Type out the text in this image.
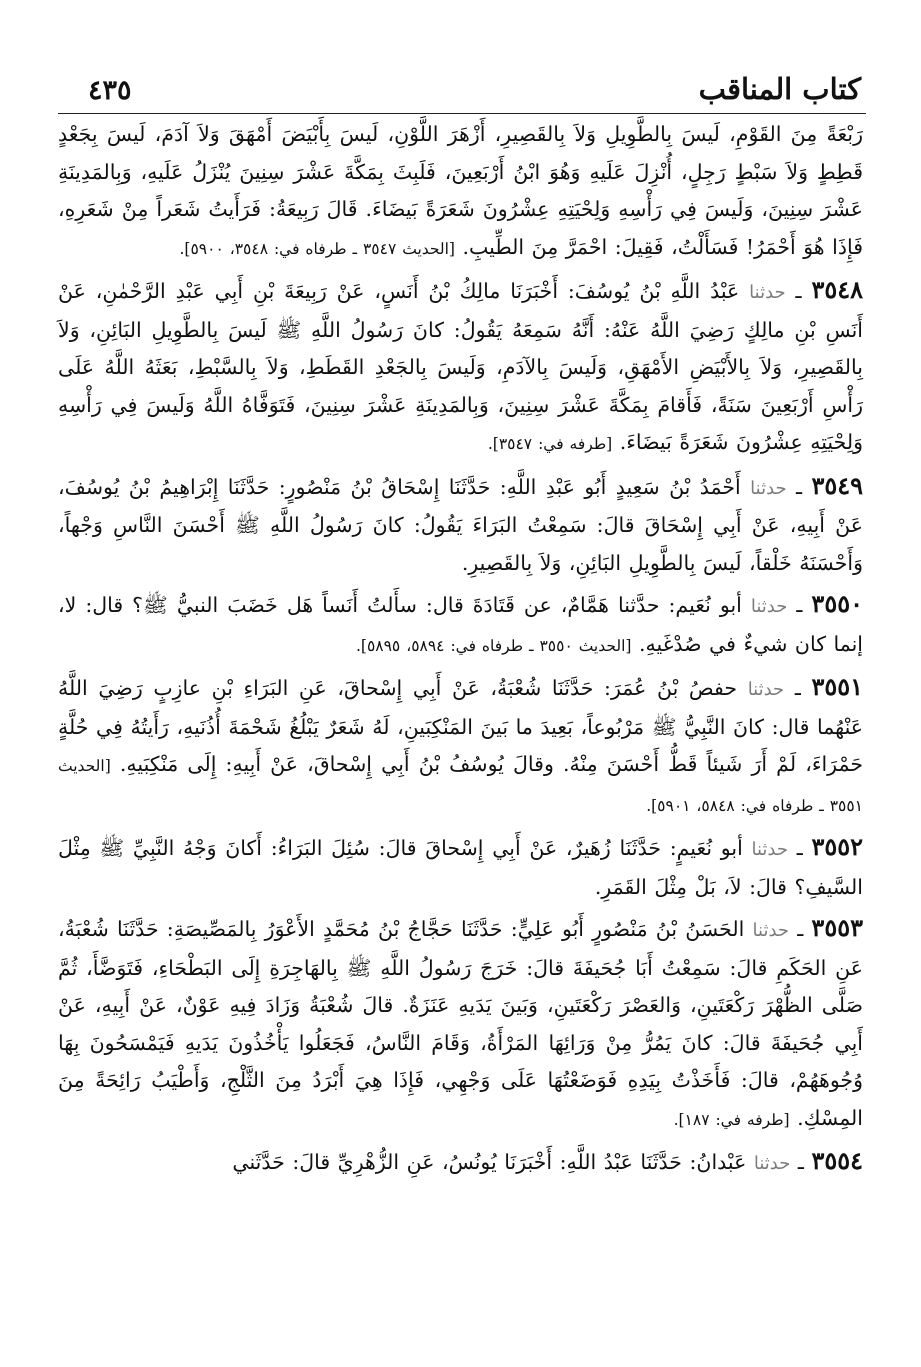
كتاب المناقب
٤٣٥

رَبْعَةً مِنَ القَوْمِ، لَيسَ بِالطَّوِيلِ وَلاَ بِالقَصِيرِ، أَزْهَرَ اللَّوْنِ، لَيسَ بِأَبْيَضَ أَمْهَقَ وَلاَ آدَمَ، لَيسَ بِجَعْدٍ قَطِطٍ وَلاَ سَبْطٍ رَجِلٍ، أُنْزِلَ عَلَيهِ وَهُوَ ابْنُ أَرْبَعِينَ، فَلَبِثَ بِمَكَّةَ عَشْرَ سِنِينَ يُنْزَلُ عَلَيهِ، وَبِالمَدِينَةِ عَشْرَ سِنِينَ، وَلَيسَ فِي رَأْسِهِ وَلِحْيَتِهِ عِشْرُونَ شَعَرَةً بَيضَاءَ. قَالَ رَبِيعَةُ: فَرَأَيتُ شَعَراً مِنْ شَعَرِهِ، فَإِذَا هُوَ أَحْمَرُ! فَسَأَلْتُ، فَقِيلَ: احْمَرَّ مِنَ الطِّيبِ. [الحديث ٣٥٤٧ ـ طرفاه في: ٣٥٤٨، ٥٩٠٠].

٣٥٤٨ ـ حدثنا عَبْدُ اللَّهِ بْنُ يُوسُفَ: أَخْبَرَنَا مالِكُ بْنُ أَنَسٍ، عَنْ رَبِيعَةَ بْنِ أَبِي عَبْدِ الرَّحْمٰنِ، عَنْ أَنَسِ بْنِ مالِكٍ رَضِيَ اللَّهُ عَنْهُ: أَنَّهُ سَمِعَهُ يَقُولُ: كانَ رَسُولُ اللَّهِ ﷺ لَيسَ بِالطَّوِيلِ البَائِنِ، وَلاَ بِالقَصِيرِ، وَلاَ بِالأَبْيَضِ الأَمْهَقِ، وَلَيسَ بِالآدَمِ، وَلَيسَ بِالجَعْدِ القَطَطِ، وَلاَ بِالسَّبْطِ، بَعَثَهُ اللَّهُ عَلَى رَأْسِ أَرْبَعِينَ سَنَةً، فَأَقامَ بِمَكَّةَ عَشْرَ سِنِينَ، وَبِالمَدِينَةِ عَشْرَ سِنِينَ، فَتَوَفَّاهُ اللَّهُ وَلَيسَ فِي رَأْسِهِ وَلِحْيَتِهِ عِشْرُونَ شَعَرَةً بَيضَاءَ. [طرفه في: ٣٥٤٧].

٣٥٤٩ ـ حدثنا أَحْمَدُ بْنُ سَعِيدٍ أَبُو عَبْدِ اللَّهِ: حَدَّثَنَا إِسْحَاقُ بْنُ مَنْصُورٍ: حَدَّثَنَا إِبْرَاهِيمُ بْنُ يُوسُفَ، عَنْ أَبِيهِ، عَنْ أَبِي إِسْحَاقَ قالَ: سَمِعْتُ البَرَاءَ يَقُولُ: كانَ رَسُولُ اللَّهِ ﷺ أَحْسَنَ النَّاسِ وَجْهاً، وَأَحْسَنَهُ خَلْقاً، لَيسَ بِالطَّوِيلِ البَائِنِ، وَلاَ بِالقَصِيرِ.

٣٥٥٠ ـ حدثنا أبو نُعَيم: حدَّثنا هَمَّامٌ، عن قَتَادَةَ قال: سأَلتُ أَنَساً هَل خَضَبَ النبيُّ ﷺ؟ قال: لا، إنما كان شيءٌ في صُدْغَيهِ. [الحديث ٣٥٥٠ ـ طرفاه في: ٥٨٩٤، ٥٨٩٥].

٣٥٥١ ـ حدثنا حفصُ بْنُ عُمَرَ: حَدَّثَنَا شُعْبَةُ، عَنْ أَبِي إِسْحاقَ، عَنِ البَرَاءِ بْنِ عازِبٍ رَضِيَ اللَّهُ عَنْهُما قال: كانَ النَّبِيُّ ﷺ مَرْبُوعاً، بَعِيدَ ما بَينَ المَنْكِبَينِ، لَهُ شَعَرٌ يَبْلُغُ شَحْمَةَ أُذُنَيهِ، رَأَيتُهُ فِي حُلَّةٍ حَمْرَاءَ، لَمْ أَرَ شَيئاً قَطُّ أَحْسَنَ مِنْهُ. وقالَ يُوسُفُ بْنُ أَبِي إِسْحاقَ، عَنْ أَبِيهِ: إِلَى مَنْكِبَيهِ. [الحديث ٣٥٥١ ـ طرفاه في: ٥٨٤٨، ٥٩٠١].

٣٥٥٢ ـ حدثنا أبو نُعَيمٍ: حَدَّثَنَا زُهَيرٌ، عَنْ أَبِي إِسْحاقَ قالَ: سُئِلَ البَرَاءُ: أَكانَ وَجْهُ النَّبِيِّ ﷺ مِثْلَ السَّيفِ؟ قالَ: لاَ، بَلْ مِثْلَ القَمَرِ.

٣٥٥٣ ـ حدثنا الحَسَنُ بْنُ مَنْصُورٍ أَبُو عَلِيٍّ: حَدَّثَنَا حَجَّاجُ بْنُ مُحَمَّدٍ الأَعْوَرُ بِالمَصِّيصَةِ: حَدَّثَنَا شُعْبَةُ، عَنِ الحَكَمِ قالَ: سَمِعْتُ أَبَا جُحَيفَةَ قالَ: خَرَجَ رَسُولُ اللَّهِ ﷺ بِالهَاجِرَةِ إِلَى البَطْحَاءِ، فَتَوَضَّأَ، ثُمَّ صَلَّى الظُّهْرَ رَكْعَتَينِ، وَالعَصْرَ رَكْعَتَينِ، وَبَينَ يَدَيهِ عَنَزَةٌ. قالَ شُعْبَةُ وَزَادَ فِيهِ عَوْنٌ، عَنْ أَبِيهِ، عَنْ أَبِي جُحَيفَةَ قالَ: كانَ يَمُرُّ مِنْ وَرَائِهَا المَرْأَةُ، وَقَامَ النَّاسُ، فَجَعَلُوا يَأْخُذُونَ يَدَيهِ فَيَمْسَحُونَ بِهَا وُجُوهَهُمْ، قالَ: فَأَخَذْتُ بِيَدِهِ فَوَضَعْتُهَا عَلَى وَجْهِي، فَإِذَا هِيَ أَبْرَدُ مِنَ الثَّلْجِ، وَأَطْيَبُ رَائِحَةً مِنَ المِسْكِ. [طرفه في: ١٨٧].

٣٥٥٤ ـ حدثنا عَبْدانُ: حَدَّثَنَا عَبْدُ اللَّهِ: أَخْبَرَنَا يُونُسُ، عَنِ الزُّهْرِيِّ قالَ: حَدَّثَني
